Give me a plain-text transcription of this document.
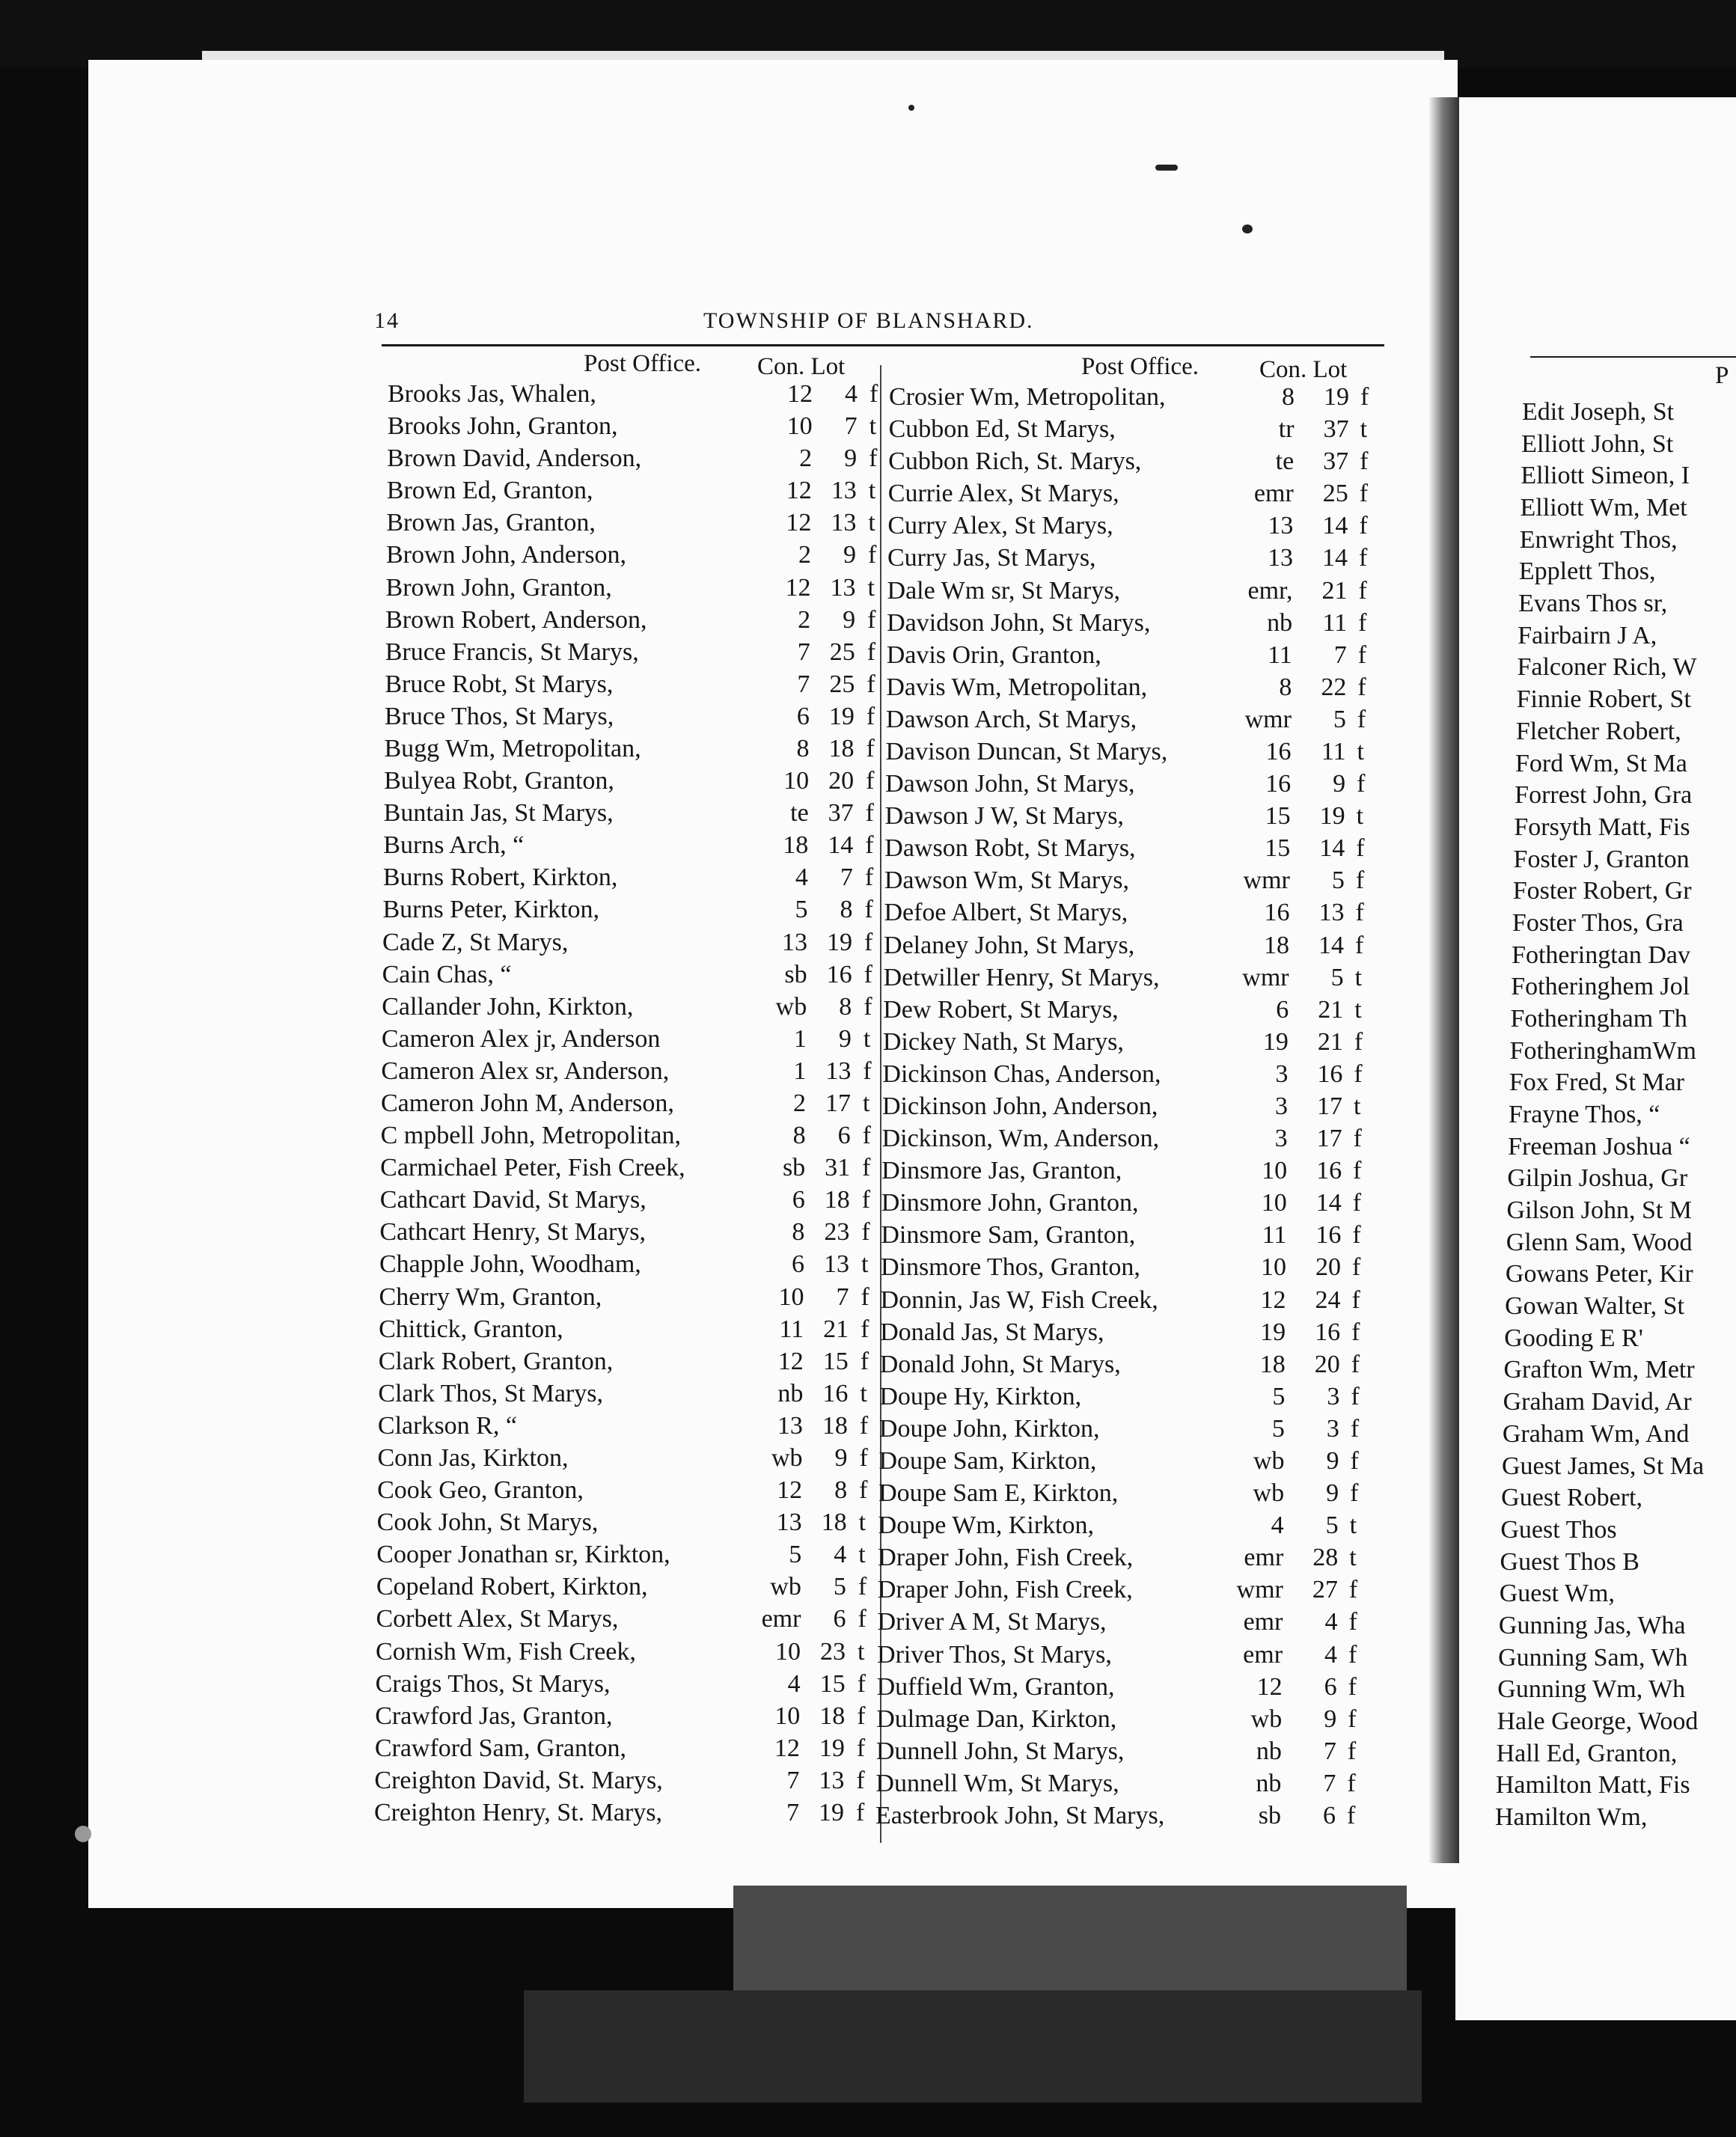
14	TOWNSHIP OF BLANSHARD.
Post Office. Con. Lot	Post Office. Con. Lot	P
Brooks Jas, Whalen,	12 4 f
Brooks John, Granton,	10 7 t
Brown David, Anderson,	2 9 f
Brown Ed, Granton,	12 13 t
Brown Jas, Granton,	12 13 t
Brown John, Anderson,	2 9 f
Brown John, Granton,	12 13 t
Brown Robert, Anderson,	2 9 f
Bruce Francis, St Marys,	7 25 f
Bruce Robt, St Marys,	7 25 f
Bruce Thos, St Marys,	6 19 f
Bugg Wm, Metropolitan,	8 18 f
Bulyea Robt, Granton,	10 20 f
Buntain Jas, St Marys,	te 37 f
Burns Arch, “	18 14 f
Burns Robert, Kirkton,	4 7 f
Burns Peter, Kirkton,	5 8 f
Cade Z, St Marys,	13 19 f
Cain Chas, “	sb 16 f
Callander John, Kirkton,	wb 8 f
Cameron Alex jr, Anderson	1 9 t
Cameron Alex sr, Anderson,	1 13 f
Cameron John M, Anderson,	2 17 t
C mpbell John, Metropolitan,	8 6 f
Carmichael Peter, Fish Creek,	sb 31 f
Cathcart David, St Marys,	6 18 f
Cathcart Henry, St Marys,	8 23 f
Chapple John, Woodham,	6 13 t
Cherry Wm, Granton,	10 7 f
Chittick, Granton,	11 21 f
Clark Robert, Granton,	12 15 f
Clark Thos, St Marys,	nb 16 t
Clarkson R, “	13 18 f
Conn Jas, Kirkton,	wb 9 f
Cook Geo, Granton,	12 8 f
Cook John, St Marys,	13 18 t
Cooper Jonathan sr, Kirkton,	5 4 t
Copeland Robert, Kirkton,	wb 5 f
Corbett Alex, St Marys,	emr 6 f
Cornish Wm, Fish Creek,	10 23 t
Craigs Thos, St Marys,	4 15 f
Crawford Jas, Granton,	10 18 f
Crawford Sam, Granton,	12 19 f
Creighton David, St. Marys,	7 13 f
Creighton Henry, St. Marys,	7 19 f
Crosier Wm, Metropolitan,	8 19 f
Cubbon Ed, St Marys,	tr 37 t
Cubbon Rich, St. Marys,	te 37 f
Currie Alex, St Marys,	emr 25 f
Curry Alex, St Marys,	13 14 f
Curry Jas, St Marys,	13 14 f
Dale Wm sr, St Marys,	emr, 21 f
Davidson John, St Marys,	nb 11 f
Davis Orin, Granton,	11 7 f
Davis Wm, Metropolitan,	8 22 f
Dawson Arch, St Marys,	wmr 5 f
Davison Duncan, St Marys,	16 11 t
Dawson John, St Marys,	16 9 f
Dawson J W, St Marys,	15 19 t
Dawson Robt, St Marys,	15 14 f
Dawson Wm, St Marys,	wmr 5 f
Defoe Albert, St Marys,	16 13 f
Delaney John, St Marys,	18 14 f
Detwiller Henry, St Marys,	wmr 5 t
Dew Robert, St Marys,	6 21 t
Dickey Nath, St Marys,	19 21 f
Dickinson Chas, Anderson,	3 16 f
Dickinson John, Anderson,	3 17 t
Dickinson, Wm, Anderson,	3 17 f
Dinsmore Jas, Granton,	10 16 f
Dinsmore John, Granton,	10 14 f
Dinsmore Sam, Granton,	11 16 f
Dinsmore Thos, Granton,	10 20 f
Donnin, Jas W, Fish Creek,	12 24 f
Donald Jas, St Marys,	19 16 f
Donald John, St Marys,	18 20 f
Doupe Hy, Kirkton,	5 3 f
Doupe John, Kirkton,	5 3 f
Doupe Sam, Kirkton,	wb 9 f
Doupe Sam E, Kirkton,	wb 9 f
Doupe Wm, Kirkton,	4 5 t
Draper John, Fish Creek,	emr 28 t
Draper John, Fish Creek,	wmr 27 f
Driver A M, St Marys,	emr 4 f
Driver Thos, St Marys,	emr 4 f
Duffield Wm, Granton,	12 6 f
Dulmage Dan, Kirkton,	wb 9 f
Dunnell John, St Marys,	nb 7 f
Dunnell Wm, St Marys,	nb 7 f
Easterbrook John, St Marys,	sb 6 f
Edit Joseph, St
Elliott John, St
Elliott Simeon, I
Elliott Wm, Met
Enwright Thos,
Epplett Thos,
Evans Thos sr,
Fairbairn J A,
Falconer Rich, W
Finnie Robert, St
Fletcher Robert,
Ford Wm, St Ma
Forrest John, Gra
Forsyth Matt, Fis
Foster J, Granton
Foster Robert, Gr
Foster Thos, Gra
Fotheringtan Dav
Fotheringhem Jol
Fotheringham Th
FotheringhamWm
Fox Fred, St Mar
Frayne Thos, “
Freeman Joshua “
Gilpin Joshua, Gr
Gilson John, St M
Glenn Sam, Wood
Gowans Peter, Kir
Gowan Walter, St
Gooding E R'
Grafton Wm, Metr
Graham David, Ar
Graham Wm, And
Guest James, St Ma
Guest Robert,
Guest Thos
Guest Thos B
Guest Wm,
Gunning Jas, Wha
Gunning Sam, Wh
Gunning Wm, Wh
Hale George, Wood
Hall Ed, Granton,
Hamilton Matt, Fis
Hamilton Wm,
